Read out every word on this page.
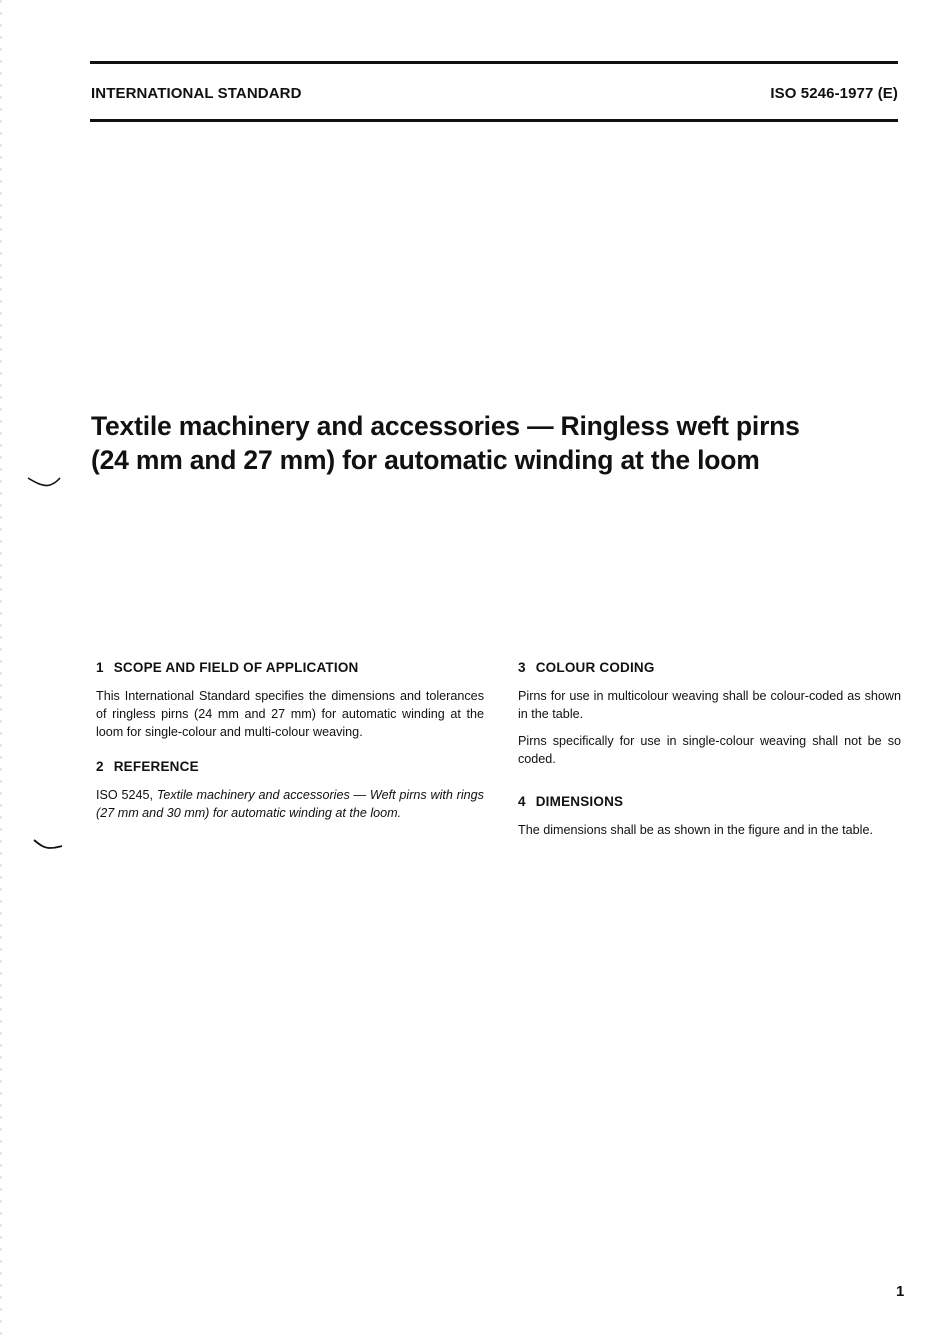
INTERNATIONAL STANDARD	ISO 5246-1977 (E)
Textile machinery and accessories — Ringless weft pirns
(24 mm and 27 mm) for automatic winding at the loom
1 SCOPE AND FIELD OF APPLICATION

This International Standard specifies the dimensions and tolerances of ringless pirns (24 mm and 27 mm) for automatic winding at the loom for single-colour and multi-colour weaving.

2 REFERENCE

ISO 5245, Textile machinery and accessories — Weft pirns with rings (27 mm and 30 mm) for automatic winding at the loom.

3 COLOUR CODING

Pirns for use in multicolour weaving shall be colour-coded as shown in the table.

Pirns specifically for use in single-colour weaving shall not be so coded.

4 DIMENSIONS

The dimensions shall be as shown in the figure and in the table.

1
